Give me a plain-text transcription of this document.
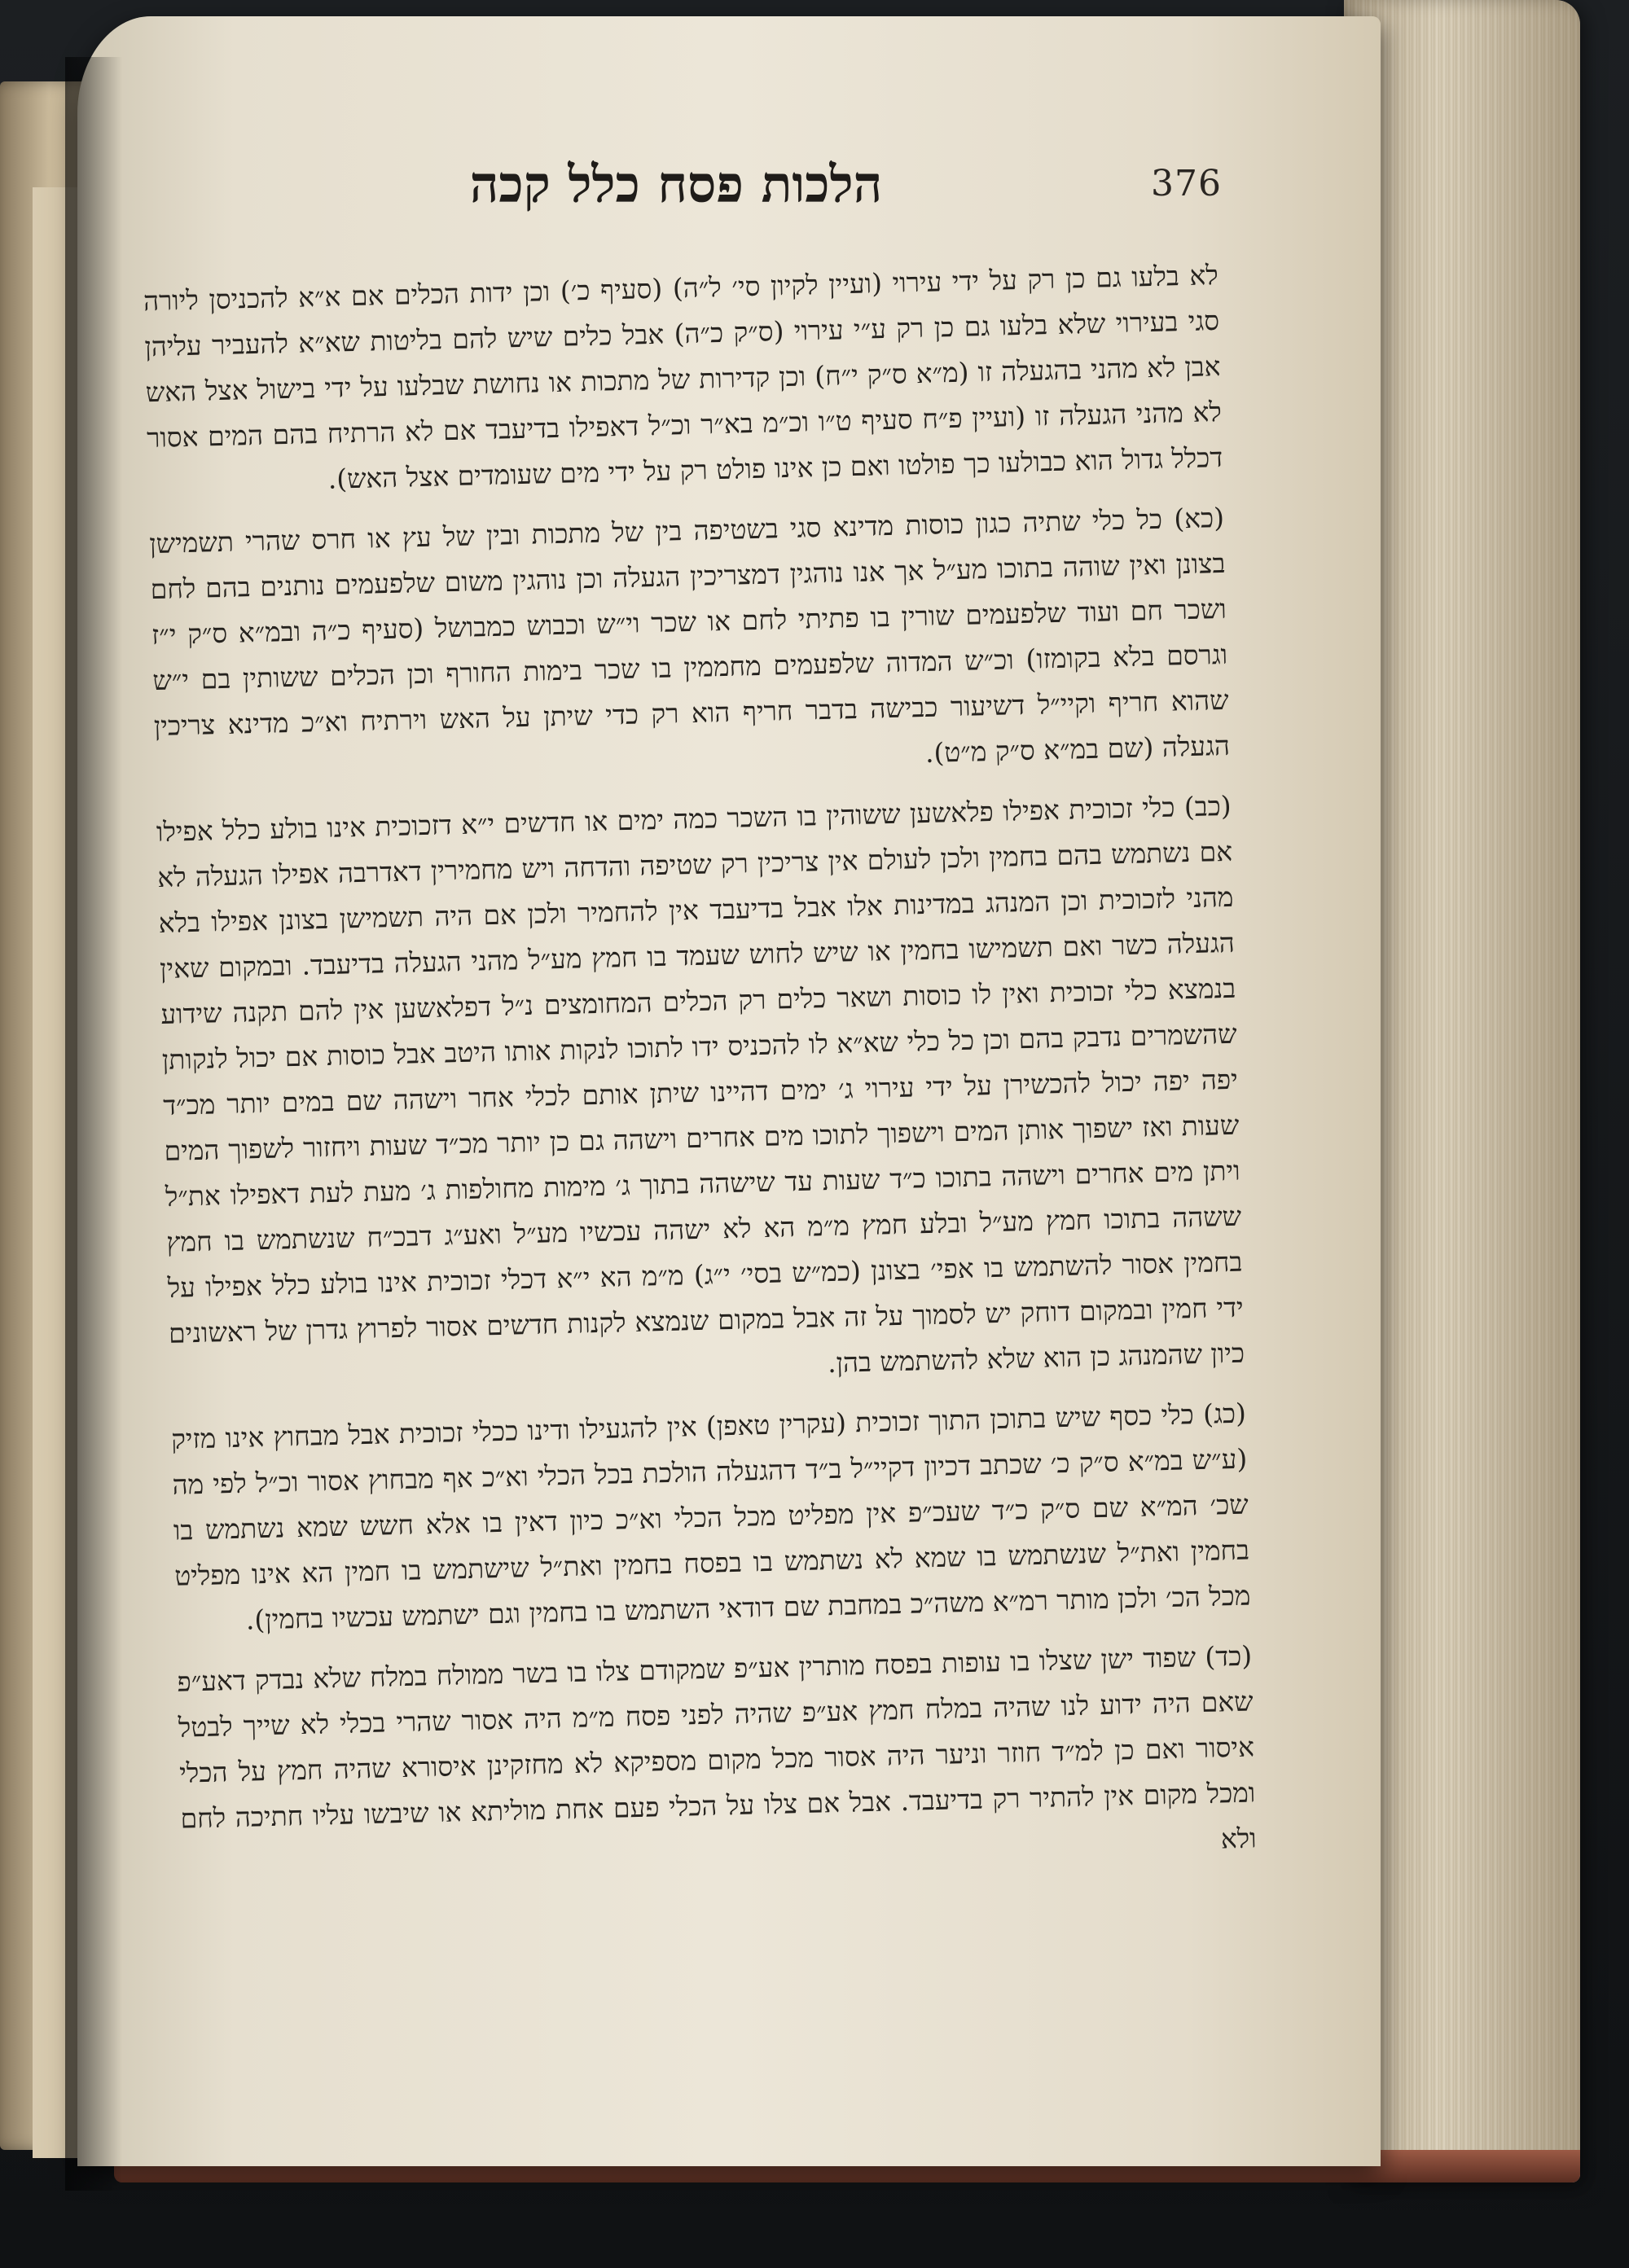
הלכות פסח כלל קכה	376

לא בלעו גם כן רק על ידי עירוי (ועיין לקיון סי׳ ל״ה) (סעיף כ׳) וכן ידות הכלים אם א״א להכניסן ליורה סגי בעירוי שלא בלעו גם כן רק ע״י עירוי (ס״ק כ״ה) אבל כלים שיש להם בליטות שא״א להעביר עליהן אבן לא מהני בהגעלה זו (מ״א ס״ק י״ח) וכן קדירות של מתכות או נחושת שבלעו על ידי בישול אצל האש לא מהני הגעלה זו (ועיין פ״ח סעיף ט״ו וכ״מ בא״ר וכ״ל דאפילו בדיעבד אם לא הרתיח בהם המים אסור דכלל גדול הוא כבולעו כך פולטו ואם כן אינו פולט רק על ידי מים שעומדים אצל האש).

(כא) כל כלי שתיה כגון כוסות מדינא סגי בשטיפה בין של מתכות ובין של עץ או חרס שהרי תשמישן בצונן ואין שוהה בתוכו מע״ל אך אנו נוהגין דמצריכין הגעלה וכן נוהגין משום שלפעמים נותנים בהם לחם ושכר חם ועוד שלפעמים שורין בו פתיתי לחם או שכר וי״ש וכבוש כמבושל (סעיף כ״ה ובמ״א ס״ק י״ז וגרסם בלא בקומזו) וכ״ש המדוה שלפעמים מחממין בו שכר בימות החורף וכן הכלים ששותין בם י״ש שהוא חריף וקיי״ל דשיעור כבישה בדבר חריף הוא רק כדי שיתן על האש וירתיח וא״כ מדינא צריכין הגעלה (שם במ״א ס״ק מ״ט).

(כב) כלי זכוכית אפילו פלאשען ששוהין בו השכר כמה ימים או חדשים י״א דזכוכית אינו בולע כלל אפילו אם נשתמש בהם בחמין ולכן לעולם אין צריכין רק שטיפה והדחה ויש מחמירין דאדרבה אפילו הגעלה לא מהני לזכוכית וכן המנהג במדינות אלו אבל בדיעבד אין להחמיר ולכן אם היה תשמישן בצונן אפילו בלא הגעלה כשר ואם תשמישו בחמין או שיש לחוש שעמד בו חמץ מע״ל מהני הגעלה בדיעבד. ובמקום שאין בנמצא כלי זכוכית ואין לו כוסות ושאר כלים רק הכלים המחומצים נ״ל דפלאשען אין להם תקנה שידוע שהשמרים נדבק בהם וכן כל כלי שא״א לו להכניס ידו לתוכו לנקות אותו היטב אבל כוסות אם יכול לנקותן יפה יפה יכול להכשירן על ידי עירוי ג׳ ימים דהיינו שיתן אותם לכלי אחר וישהה שם במים יותר מכ״ד שעות ואז ישפוך אותן המים וישפוך לתוכו מים אחרים וישהה גם כן יותר מכ״ד שעות ויחזור לשפוך המים ויתן מים אחרים וישהה בתוכו כ״ד שעות עד שישהה בתוך ג׳ מימות מחולפות ג׳ מעת לעת דאפילו את״ל ששהה בתוכו חמץ מע״ל ובלע חמץ מ״מ הא לא ישהה עכשיו מע״ל ואע״ג דבכ״ח שנשתמש בו חמץ בחמין אסור להשתמש בו אפי׳ בצונן (כמ״ש בסי׳ י״ג) מ״מ הא י״א דכלי זכוכית אינו בולע כלל אפילו על ידי חמין ובמקום דוחק יש לסמוך על זה אבל במקום שנמצא לקנות חדשים אסור לפרוץ גדרן של ראשונים כיון שהמנהג כן הוא שלא להשתמש בהן.

(כג) כלי כסף שיש בתוכן התוך זכוכית (עקרין טאפן) אין להגעילו ודינו ככלי זכוכית אבל מבחוץ אינו מזיק (ע״ש במ״א ס״ק כ׳ שכתב דכיון דקיי״ל ב״ד דהגעלה הולכת בכל הכלי וא״כ אף מבחוץ אסור וכ״ל לפי מה שכ׳ המ״א שם ס״ק כ״ד שעכ״פ אין מפליט מכל הכלי וא״כ כיון דאין בו אלא חשש שמא נשתמש בו בחמין ואת״ל שנשתמש בו שמא לא נשתמש בו בפסח בחמין ואת״ל שישתמש בו חמין הא אינו מפליט מכל הכ׳ ולכן מותר רמ״א משה״כ במחבת שם דודאי השתמש בו בחמין וגם ישתמש עכשיו בחמין).

(כד) שפוד ישן שצלו בו עופות בפסח מותרין אע״פ שמקודם צלו בו בשר ממולח במלח שלא נבדק דאע״פ שאם היה ידוע לנו שהיה במלח חמץ אע״פ שהיה לפני פסח מ״מ היה אסור שהרי בכלי לא שייך לבטל איסור ואם כן למ״ד חוזר וניער היה אסור מכל מקום מספיקא לא מחזקינן איסורא שהיה חמץ על הכלי ומכל מקום אין להתיר רק בדיעבד. אבל אם צלו על הכלי פעם אחת מוליתא או שיבשו עליו חתיכה לחם ולא
